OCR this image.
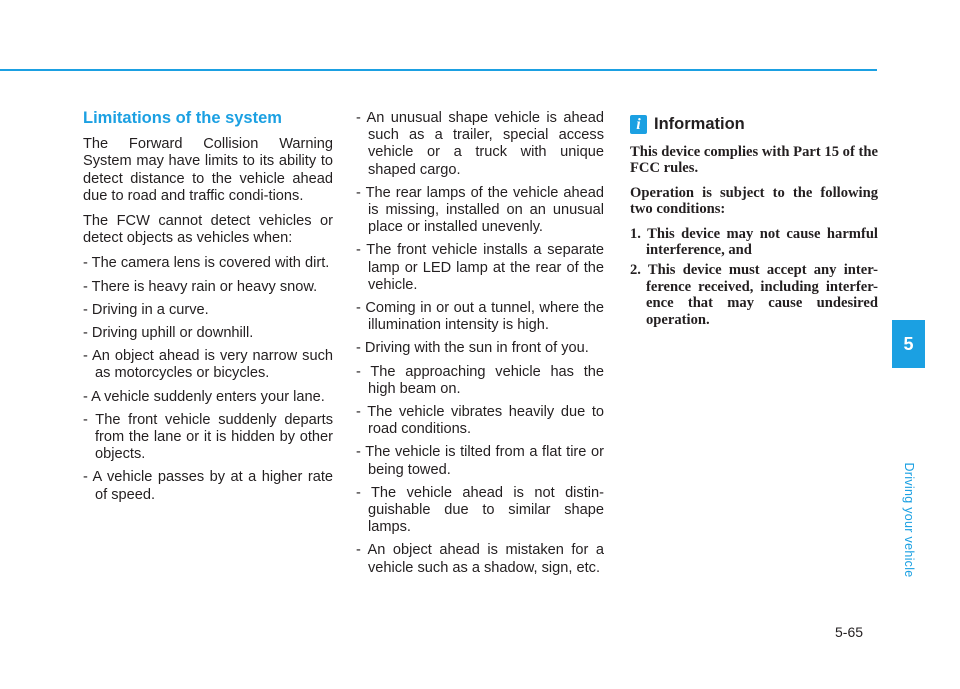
Limitations of the system

The Forward Collision Warning System may have limits to its ability to detect distance to the vehicle ahead due to road and traffic condi-tions.

The FCW cannot detect vehicles or detect objects as vehicles when:

- The camera lens is covered with dirt.
- There is heavy rain or heavy snow.
- Driving in a curve.
- Driving uphill or downhill.
- An object ahead is very narrow such as motorcycles or bicycles.
- A vehicle suddenly enters your lane.
- The front vehicle suddenly departs from the lane or it is hidden by other objects.
- A vehicle passes by at a higher rate of speed.
- An unusual shape vehicle is ahead such as a trailer, special access vehicle or a truck with unique shaped cargo.
- The rear lamps of the vehicle ahead is missing, installed on an unusual place or installed unevenly.
- The front vehicle installs a separate lamp or LED lamp at the rear of the vehicle.
- Coming in or out a tunnel, where the illumination intensity is high.
- Driving with the sun in front of you.
- The approaching vehicle has the high beam on.
- The vehicle vibrates heavily due to road conditions.
- The vehicle is tilted from a flat tire or being towed.
- The vehicle ahead is not distin-guishable due to similar shape lamps.
- An object ahead is mistaken for a vehicle such as a shadow, sign, etc.
i Information

This device complies with Part 15 of the FCC rules.

Operation is subject to the following two conditions:

1. This device may not cause harmful interference, and
2. This device must accept any inter-ference received, including interfer-ence that may cause undesired operation.
5
Driving your vehicle
5-65
